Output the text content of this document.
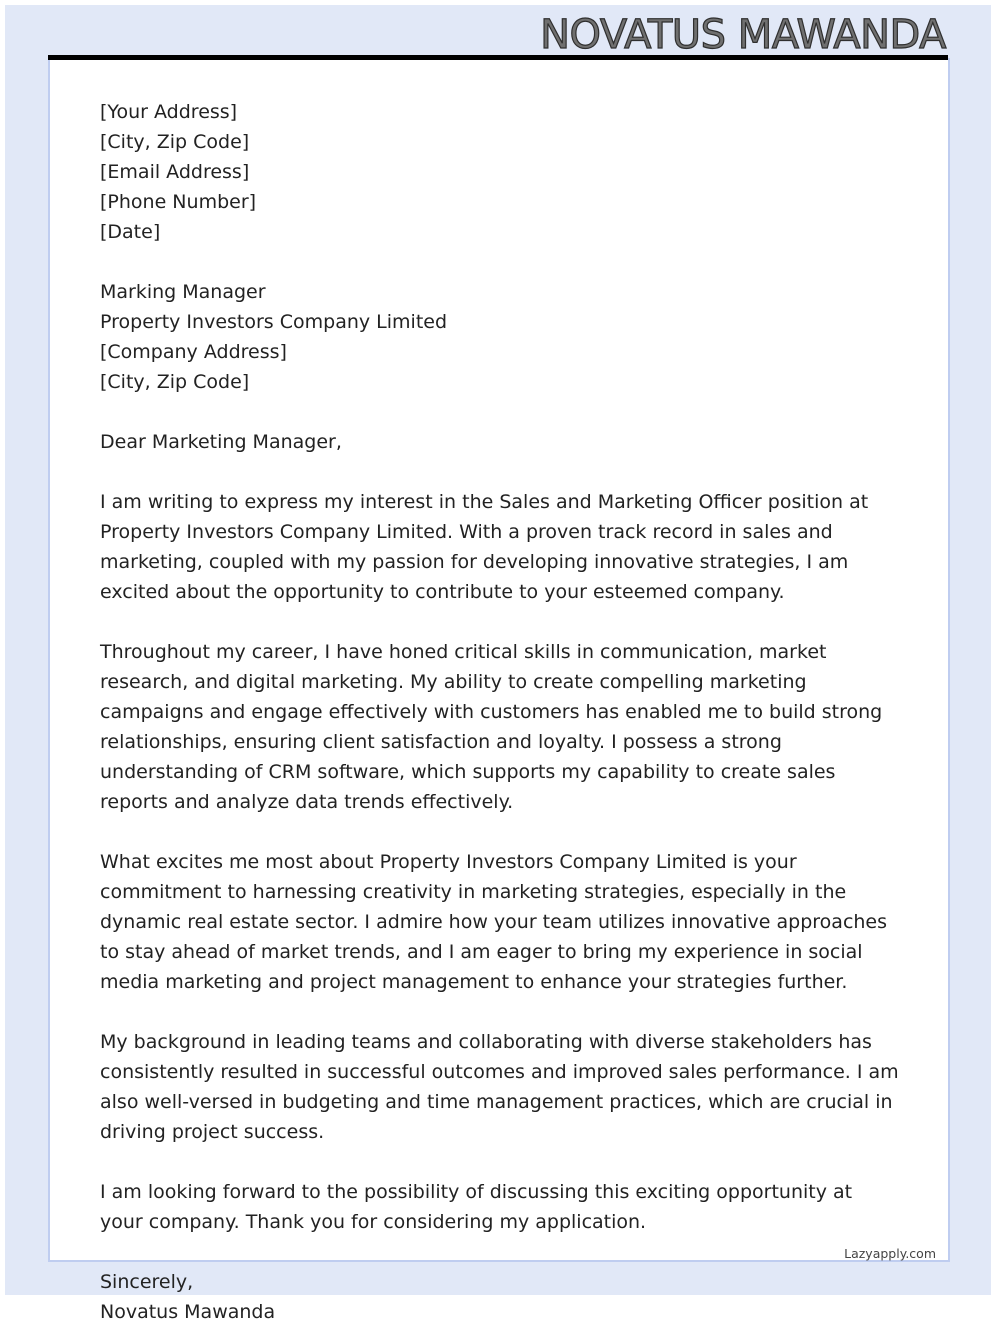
NOVATUS MAWANDA
[Your Address]
[City, Zip Code]
[Email Address]
[Phone Number]
[Date]
Marking Manager
Property Investors Company Limited
[Company Address]
[City, Zip Code]
Dear Marketing Manager,

I am writing to express my interest in the Sales and Marketing Officer position at Property Investors Company Limited. With a proven track record in sales and marketing, coupled with my passion for developing innovative strategies, I am excited about the opportunity to contribute to your esteemed company.

Throughout my career, I have honed critical skills in communication, market research, and digital marketing. My ability to create compelling marketing campaigns and engage effectively with customers has enabled me to build strong relationships, ensuring client satisfaction and loyalty. I possess a strong understanding of CRM software, which supports my capability to create sales reports and analyze data trends effectively.

What excites me most about Property Investors Company Limited is your commitment to harnessing creativity in marketing strategies, especially in the dynamic real estate sector. I admire how your team utilizes innovative approaches to stay ahead of market trends, and I am eager to bring my experience in social media marketing and project management to enhance your strategies further.

My background in leading teams and collaborating with diverse stakeholders has consistently resulted in successful outcomes and improved sales performance. I am also well-versed in budgeting and time management practices, which are crucial in driving project success.

I am looking forward to the possibility of discussing this exciting opportunity at your company. Thank you for considering my application.

Sincerely,
Novatus Mawanda
Lazyapply.com
